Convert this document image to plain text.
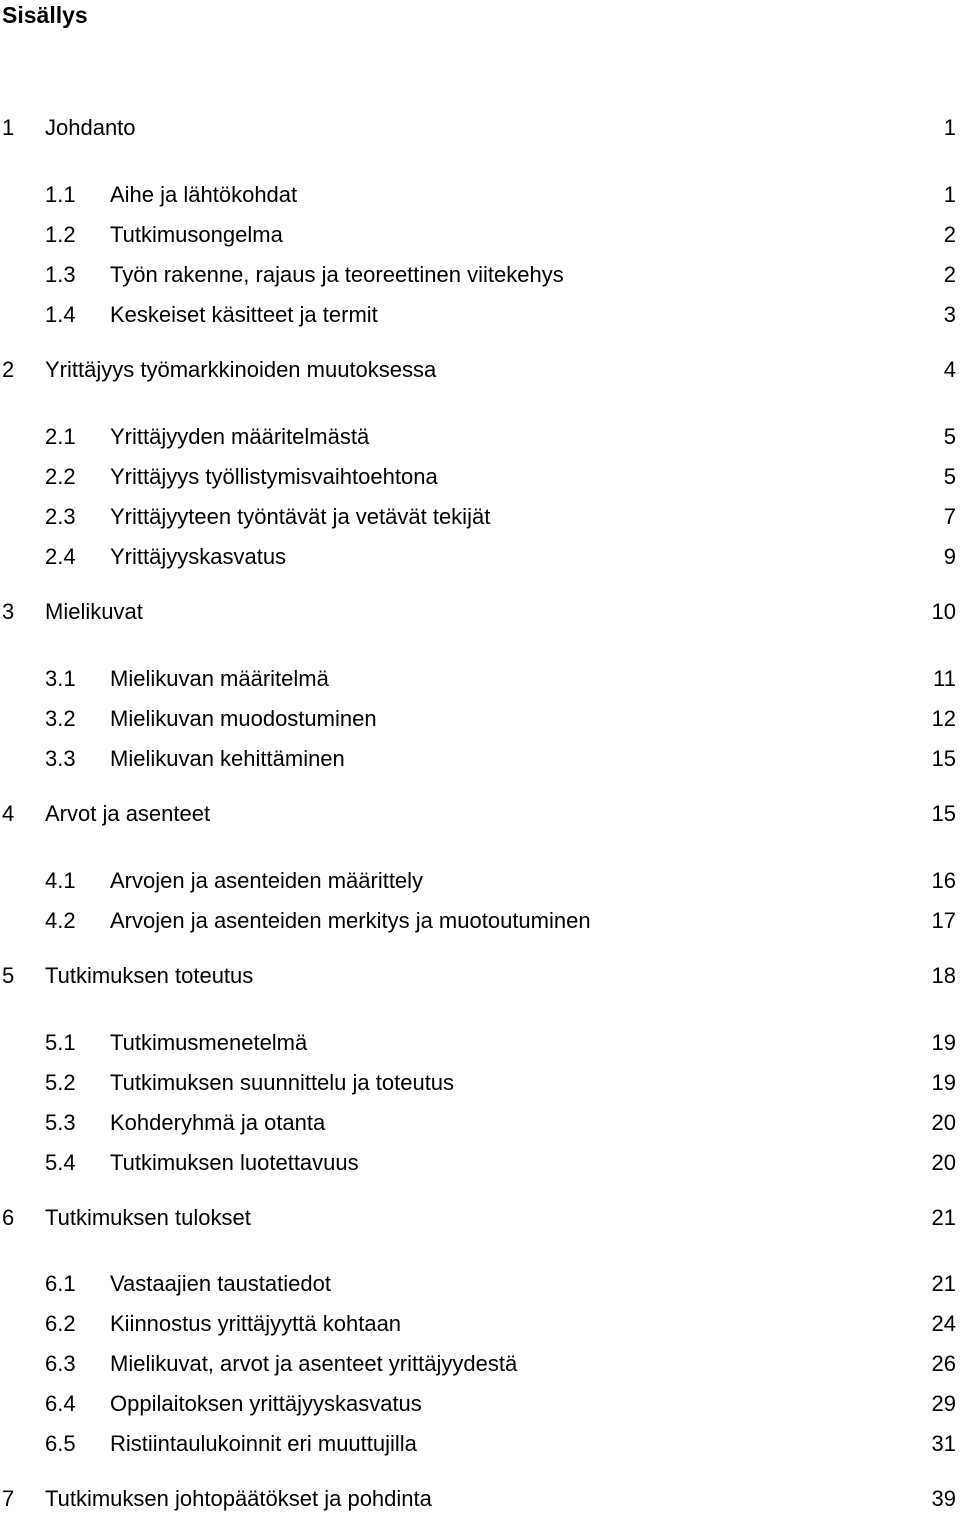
Sisällys
1 Johdanto	1
1.1 Aihe ja lähtökohdat	1
1.2 Tutkimusongelma	2
1.3 Työn rakenne, rajaus ja teoreettinen viitekehys	2
1.4 Keskeiset käsitteet ja termit	3
2 Yrittäjyys työmarkkinoiden muutoksessa	4
2.1 Yrittäjyyden määritelmästä	5
2.2 Yrittäjyys työllistymisvaihtoehtona	5
2.3 Yrittäjyyteen työntävät ja vetävät tekijät	7
2.4 Yrittäjyyskasvatus	9
3 Mielikuvat	10
3.1 Mielikuvan määritelmä	11
3.2 Mielikuvan muodostuminen	12
3.3 Mielikuvan kehittäminen	15
4 Arvot ja asenteet	15
4.1 Arvojen ja asenteiden määrittely	16
4.2 Arvojen ja asenteiden merkitys ja muotoutuminen	17
5 Tutkimuksen toteutus	18
5.1 Tutkimusmenetelmä	19
5.2 Tutkimuksen suunnittelu ja toteutus	19
5.3 Kohderyhmä ja otanta	20
5.4 Tutkimuksen luotettavuus	20
6 Tutkimuksen tulokset	21
6.1 Vastaajien taustatiedot	21
6.2 Kiinnostus yrittäjyyttä kohtaan	24
6.3 Mielikuvat, arvot ja asenteet yrittäjyydestä	26
6.4 Oppilaitoksen yrittäjyyskasvatus	29
6.5 Ristiintaulukoinnit eri muuttujilla	31
7 Tutkimuksen johtopäätökset ja pohdinta	39
